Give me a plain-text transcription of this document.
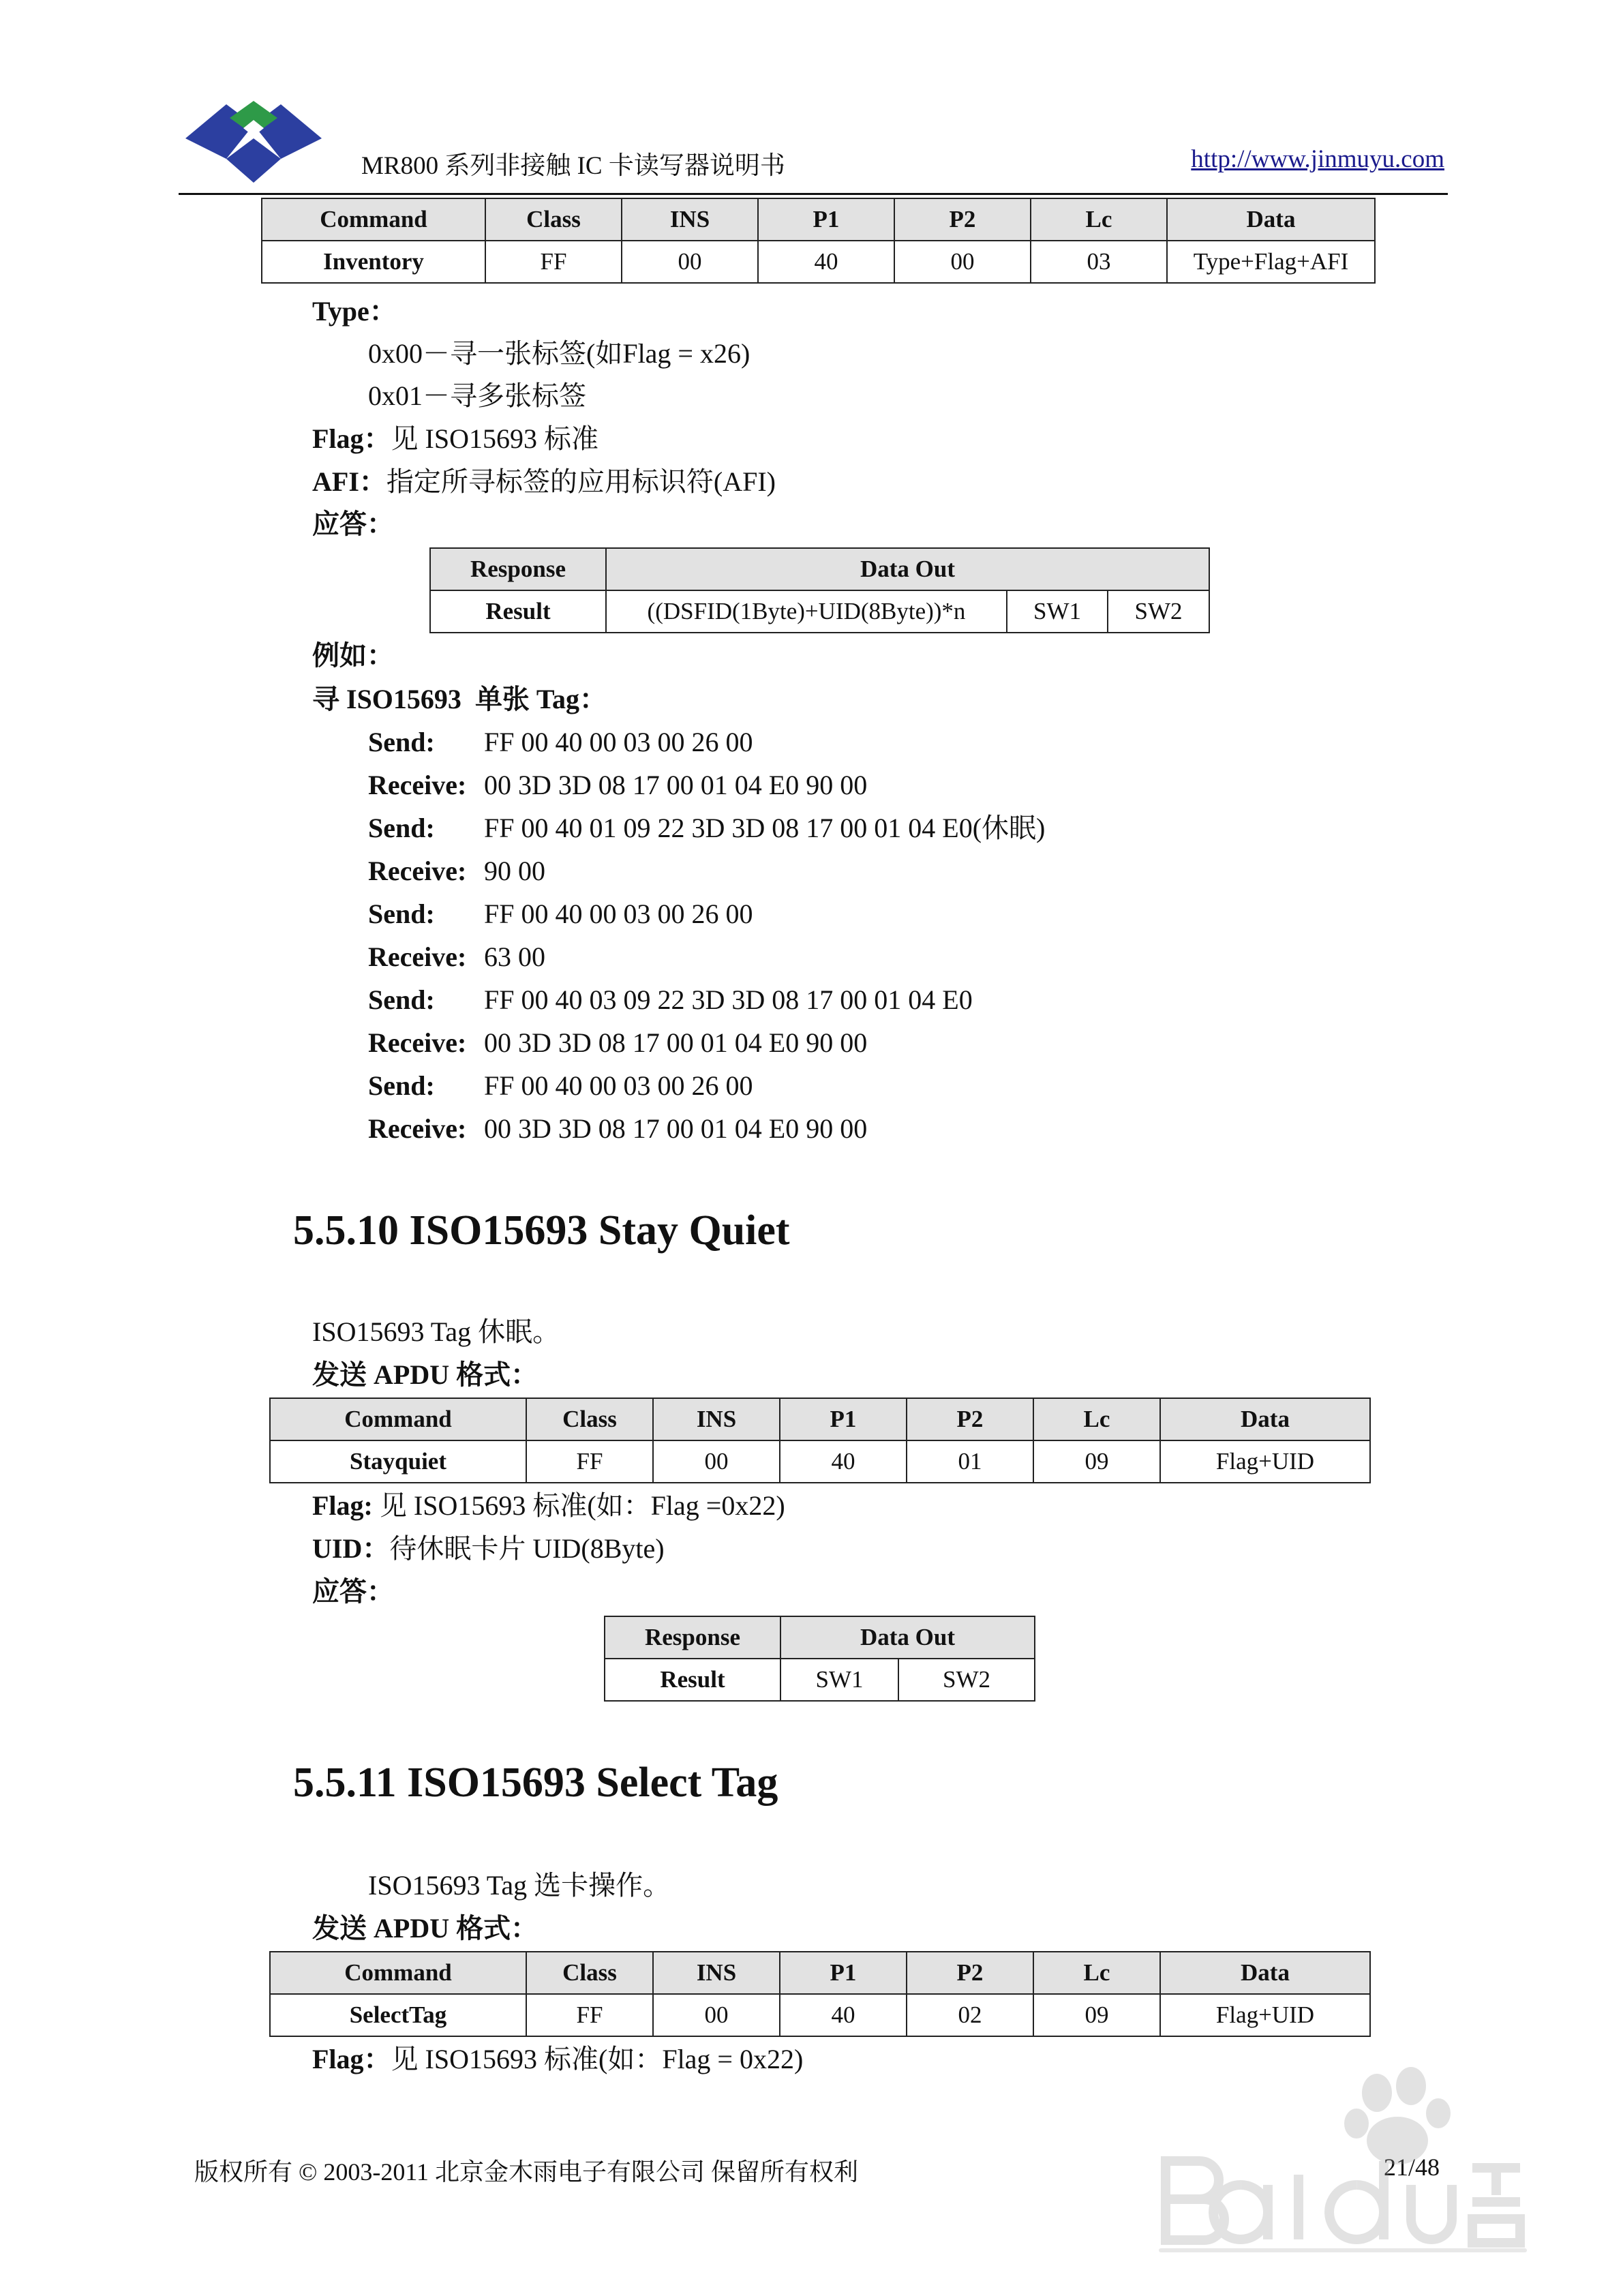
MR800 系列非接触 IC 卡读写器说明书	http://www.jinmuyu.com
Command	Class	INS	P1	P2	Lc	Data
Inventory	FF	00	40	00	03	Type+Flag+AFI
Type：
0x00－寻一张标签(如Flag = x26)
0x01－寻多张标签
Flag：见 ISO15693 标准
AFI：指定所寻标签的应用标识符(AFI)
应答：
Response	Data Out		
Result	((DSFID(1Byte)+UID(8Byte))*n	SW1	SW2
例如：
寻 ISO15693 单张 Tag：
Send: FF 00 40 00 03 00 26 00
Receive: 00 3D 3D 08 17 00 01 04 E0 90 00
Send: FF 00 40 01 09 22 3D 3D 08 17 00 01 04 E0(休眠)
Receive: 90 00
Send: FF 00 40 00 03 00 26 00
Receive: 63 00
Send: FF 00 40 03 09 22 3D 3D 08 17 00 01 04 E0
Receive: 00 3D 3D 08 17 00 01 04 E0 90 00
Send: FF 00 40 00 03 00 26 00
Receive: 00 3D 3D 08 17 00 01 04 E0 90 00
5.5.10 ISO15693 Stay Quiet
ISO15693 Tag 休眠。
发送 APDU 格式：
Command	Class	INS	P1	P2	Lc	Data
Stayquiet	FF	00	40	01	09	Flag+UID
Flag: 见 ISO15693 标准(如：Flag =0x22)
UID：待休眠卡片 UID(8Byte)
应答：
Response	Data Out	
Result	SW1	SW2
5.5.11 ISO15693 Select Tag
ISO15693 Tag 选卡操作。
发送 APDU 格式：
Command	Class	INS	P1	P2	Lc	Data
SelectTag	FF	00	40	02	09	Flag+UID
Flag：见 ISO15693 标准(如：Flag = 0x22)
版权所有 © 2003-2011 北京金木雨电子有限公司 保留所有权利	21/48
